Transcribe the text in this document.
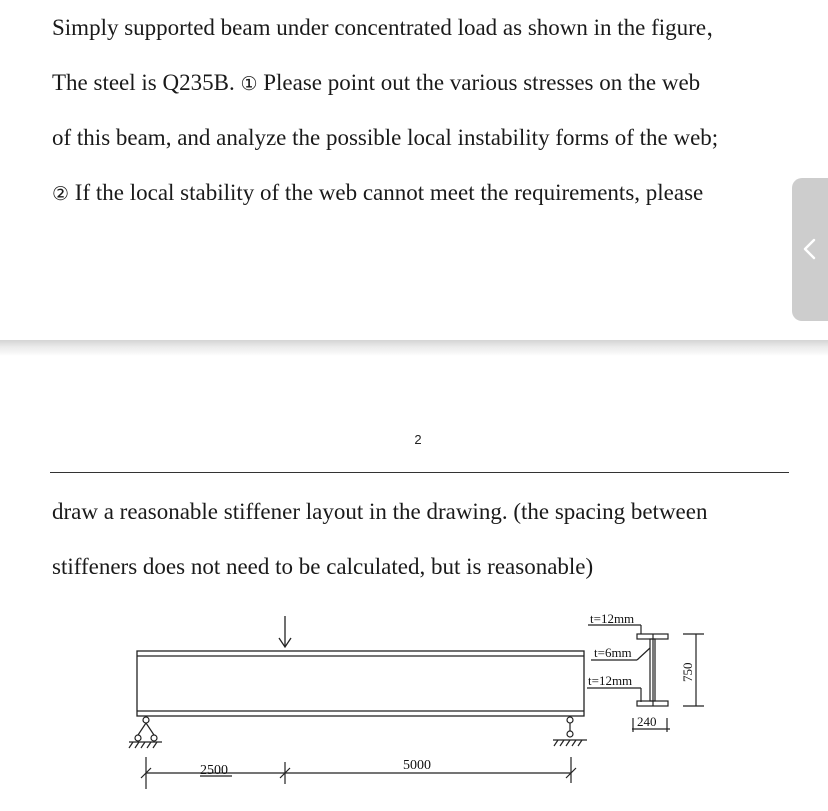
Simply supported beam under concentrated load as shown in the figure，

The steel is Q235B. ① Please point out the various stresses on the web

of this beam, and analyze the possible local instability forms of the web;

② If the local stability of the web cannot meet the requirements, please

2

draw a reasonable stiffener layout in the drawing. (the spacing between

stiffeners does not need to be calculated, but is reasonable)

2500	5000
t=12mm
t=6mm
t=12mm
240
750
